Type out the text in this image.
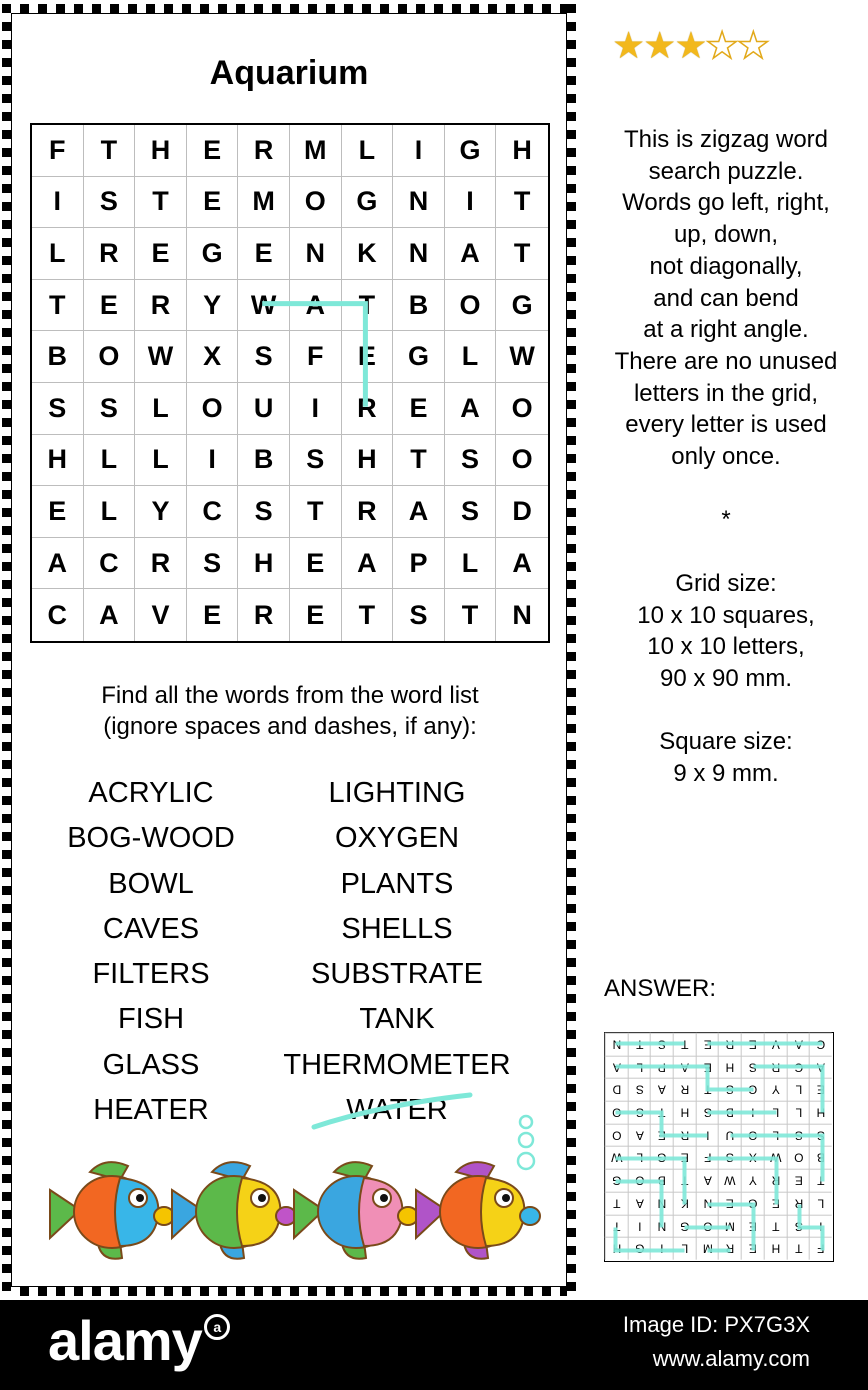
Aquarium
F	T	H	E	R	M	L	I	G	H
I	S	T	E	M	O	G	N	I	T
L	R	E	G	E	N	K	N	A	T
T	E	R	Y	W	A	T	B	O	G
B	O	W	X	S	F	E	G	L	W
S	S	L	O	U	I	R	E	A	O
H	L	L	I	B	S	H	T	S	O
E	L	Y	C	S	T	R	A	S	D
A	C	R	S	H	E	A	P	L	A
C	A	V	E	R	E	T	S	T	N
Find all the words from the word list
(ignore spaces and dashes, if any):
ACRYLIC
BOG-WOOD
BOWL
CAVES
FILTERS
FISH
GLASS
HEATER
LIGHTING
OXYGEN
PLANTS
SHELLS
SUBSTRATE
TANK
THERMOMETER
WATER
★★★★★
This is zigzag word
search puzzle.
Words go left, right,
up, down,
not diagonally,
and can bend
at a right angle.
There are no unused
letters in the grid,
every letter is used
only once.
*
Grid size:
10 x 10 squares,
10 x 10 letters,
90 x 90 mm.
Square size:
9 x 9 mm.
ANSWER:
N	T	S	T	E	R	E	V	A	C
A	L	P	A	E	H	S	R	C	A
D	S	A	R	T	S	C	Y	L	E
O	S	T	H	S	B	I	L	L	H
O	A	E	R	I	U	O	L	S	S
W	L	G	E	F	S	X	W	O	B
G	O	B	T	A	W	Y	R	E	T
T	A	N	K	N	E	G	E	R	L
T	I	N	G	O	M	E	T	S	I
H	G	I	L	M	R	E	H	T	F
alamy a	Image ID: PX7G3X
www.alamy.com
